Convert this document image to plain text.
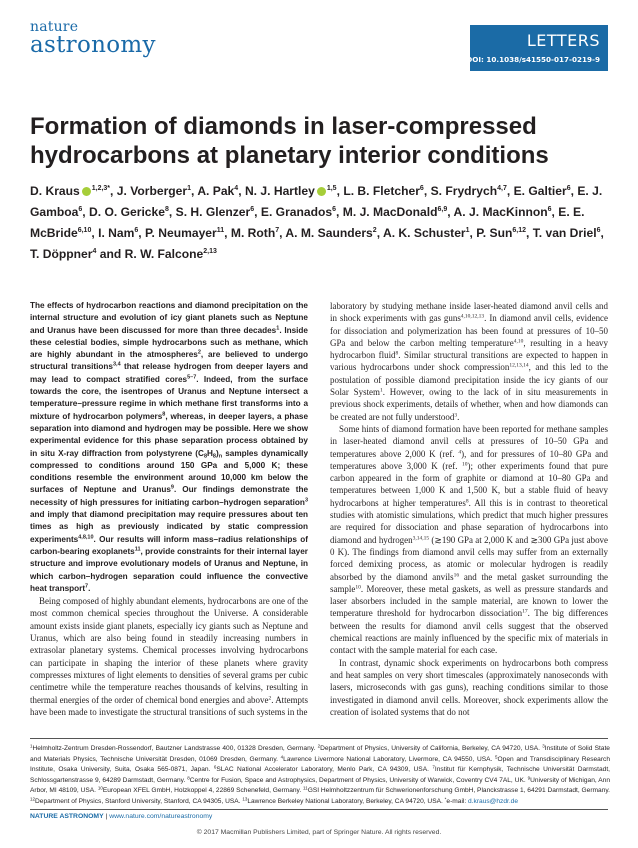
nature
astronomy	LETTERS
DOI: 10.1038/s41550-017-0219-9
Formation of diamonds in laser-compressed hydrocarbons at planetary interior conditions
D. Kraus $^{1,2,3*}$, J. Vorberger$^1$, A. Pak$^4$, N. J. Hartley $^{1,5}$, L. B. Fletcher$^6$, S. Frydrych$^{4,7}$, E. Galtier$^6$, E. J. Gamboa$^6$, D. O. Gericke$^8$, S. H. Glenzer$^6$, E. Granados$^6$, M. J. MacDonald$^{6,9}$, A. J. MacKinnon$^6$, E. E. McBride$^{6,10}$, I. Nam$^6$, P. Neumayer$^{11}$, M. Roth$^7$, A. M. Saunders$^2$, A. K. Schuster$^1$, P. Sun$^{6,12}$, T. van Driel$^6$, T. Döppner$^4$ and R. W. Falcone$^{2,13}$

The effects of hydrocarbon reactions and diamond precipitation on the internal structure and evolution of icy giant planets such as Neptune and Uranus have been discussed for more than three decades$^1$. Inside these celestial bodies, simple hydrocarbons such as methane, which are highly abundant in the atmospheres$^2$, are believed to undergo structural transitions$^{3,4}$ that release hydrogen from deeper layers and may lead to compact stratified cores$^{5-7}$. Indeed, from the surface towards the core, the isentropes of Uranus and Neptune intersect a temperature–pressure regime in which methane first transforms into a mixture of hydrocarbon polymers$^8$, whereas, in deeper layers, a phase separation into diamond and hydrogen may be possible. Here we show experimental evidence for this phase separation process obtained by in situ X-ray diffraction from polystyrene $(C_8H_8)_n$ samples dynamically compressed to conditions around 150 GPa and 5,000 K; these conditions resemble the environment around 10,000 km below the surfaces of Neptune and Uranus$^9$. Our findings demonstrate the necessity of high pressures for initiating carbon–hydrogen separation$^3$ and imply that diamond precipitation may require pressures about ten times as high as previously indicated by static compression experiments$^{4,8,10}$. Our results will inform mass–radius relationships of carbon-bearing exoplanets$^{11}$, provide constraints for their internal layer structure and improve evolutionary models of Uranus and Neptune, in which carbon–hydrogen separation could influence the convective heat transport$^7$.

Being composed of highly abundant elements, hydrocarbons are one of the most common chemical species throughout the Universe. A considerable amount exists inside giant planets, especially icy giants such as Neptune and Uranus, which are also being found in steadily increasing numbers in extrasolar planetary systems. Chemical processes involving hydrocarbons can participate in shaping the interior of these planets where gravity compresses mixtures of light elements to densities of several grams per cubic centimetre while the temperature reaches thousands of kelvins, resulting in thermal energies of the order of chemical bond energies and above$^2$. Attempts have been made to investigate the structural transitions of such systems in the

laboratory by studying methane inside laser-heated diamond anvil cells and in shock experiments with gas guns$^{4,10,12,13}$. In diamond anvil cells, evidence for dissociation and polymerization has been found at pressures of 10–50 GPa and below the carbon melting temperature$^{4,10}$, resulting in a heavy hydrocarbon fluid$^8$. Similar structural transitions are expected to happen in various hydrocarbons under shock compression$^{12,13,14}$, and this led to the postulation of possible diamond precipitation inside the icy giants of our Solar System$^1$. However, owing to the lack of in situ measurements in previous shock experiments, details of whether, when and how diamonds can be created are not fully understood$^3$.

Some hints of diamond formation have been reported for methane samples in laser-heated diamond anvil cells at pressures of 10–50 GPa and temperatures above 2,000 K (ref. $^4$), and for pressures of 10–80 GPa and temperatures above 3,000 K (ref. $^{10}$); other experiments found that pure carbon appeared in the form of graphite or diamond at 10–80 GPa and temperatures between 1,000 K and 1,500 K, but a stable fluid of heavy hydrocarbons at higher temperatures$^8$. All this is in contrast to theoretical studies with atomistic simulations, which predict that much higher pressures are required for dissociation and phase separation of hydrocarbons into diamond and hydrogen$^{3,14,15}$ (≳190 GPa at 2,000 K and ≳300 GPa just above 0 K). The findings from diamond anvil cells may suffer from an externally forced demixing process, as atomic or molecular hydrogen is readily absorbed by the diamond anvils$^{16}$ and the metal gasket surrounding the sample$^{10}$. Moreover, these metal gaskets, as well as pressure standards and laser absorbers included in the sample material, are known to lower the temperature threshold for hydrocarbon dissociation$^{17}$. The big differences between the results for diamond anvil cells suggest that the observed chemical reactions are mainly influenced by the specific mix of materials in contact with the sample material for each case.

In contrast, dynamic shock experiments on hydrocarbons both compress and heat samples on very short timescales (approximately nanoseconds with lasers, microseconds with gas guns), reaching conditions similar to those investigated in diamond anvil cells. Moreover, shock experiments allow the creation of isolated systems that do not

$^1$Helmholtz-Zentrum Dresden-Rossendorf, Bautzner Landstrasse 400, 01328 Dresden, Germany. $^2$Department of Physics, University of California, Berkeley, CA 94720, USA. $^3$Institute of Solid State and Materials Physics, Technische Universität Dresden, 01069 Dresden, Germany. $^4$Lawrence Livermore National Laboratory, Livermore, CA 94550, USA. $^5$Open and Transdisciplinary Research Institute, Osaka University, Suita, Osaka 565-0871, Japan. $^6$SLAC National Accelerator Laboratory, Menlo Park, CA 94309, USA. $^7$Institut für Kernphysik, Technische Universität Darmstadt, Schlossgartenstrasse 9, 64289 Darmstadt, Germany. $^8$Centre for Fusion, Space and Astrophysics, Department of Physics, University of Warwick, Coventry CV4 7AL, UK. $^9$University of Michigan, Ann Arbor, MI 48109, USA. $^{10}$European XFEL GmbH, Holzkoppel 4, 22869 Schenefeld, Germany. $^{11}$GSI Helmholtzzentrum für Schwerionenforschung GmbH, Planckstrasse 1, 64291 Darmstadt, Germany. $^{12}$Department of Physics, Stanford University, Stanford, CA 94305, USA. $^{13}$Lawrence Berkeley National Laboratory, Berkeley, CA 94720, USA. *e-mail: d.kraus@hzdr.de
NATURE ASTRONOMY | www.nature.com/natureastronomy
© 2017 Macmillan Publishers Limited, part of Springer Nature. All rights reserved.
